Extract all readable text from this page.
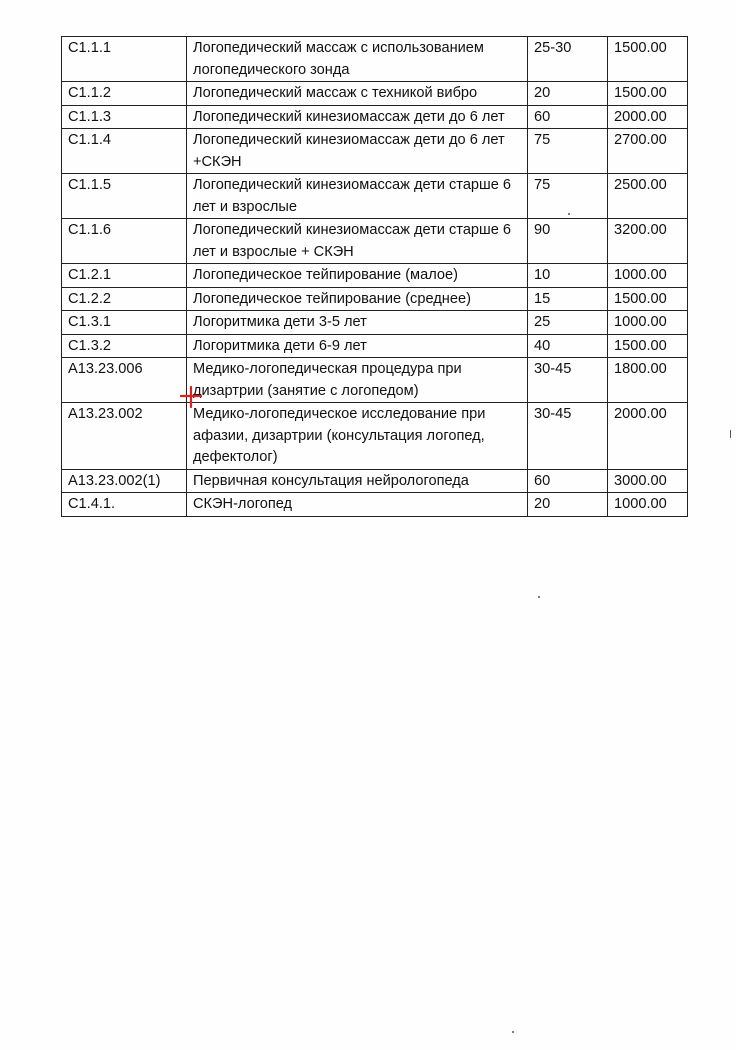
С1.1.1	Логопедический массаж с использованием логопедического зонда	25-30	1500.00
С1.1.2	Логопедический массаж с техникой вибро	20	1500.00
С1.1.3	Логопедический кинезиомассаж дети до 6 лет	60	2000.00
С1.1.4	Логопедический кинезиомассаж дети до 6 лет +СКЭН	75	2700.00
С1.1.5	Логопедический кинезиомассаж дети старше 6 лет и взрослые	75	2500.00
С1.1.6	Логопедический кинезиомассаж дети старше 6 лет и взрослые + СКЭН	90	3200.00
С1.2.1	Логопедическое тейпирование (малое)	10	1000.00
С1.2.2	Логопедическое тейпирование (среднее)	15	1500.00
С1.3.1	Логоритмика дети 3-5 лет	25	1000.00
С1.3.2	Логоритмика дети 6-9 лет	40	1500.00
А13.23.006	Медико-логопедическая процедура при дизартрии (занятие с логопедом)	30-45	1800.00
А13.23.002	Медико-логопедическое исследование при афазии, дизартрии (консультация логопед, дефектолог)	30-45	2000.00
А13.23.002(1)	Первичная консультация нейрологопеда	60	3000.00
С1.4.1.	СКЭН-логопед	20	1000.00
